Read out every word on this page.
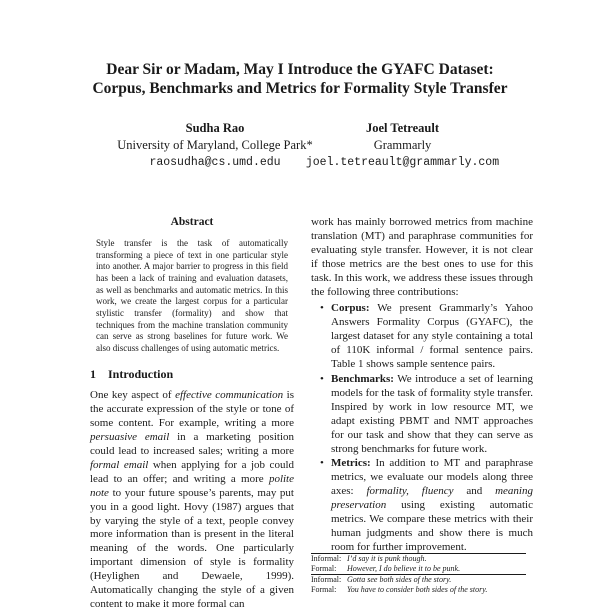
Dear Sir or Madam, May I Introduce the GYAFC Dataset:
Corpus, Benchmarks and Metrics for Formality Style Transfer
Sudha Rao
University of Maryland, College Park*
raosudha@cs.umd.edu
Joel Tetreault
Grammarly
joel.tetreault@grammarly.com
Abstract
Style transfer is the task of automatically transforming a piece of text in one particular style into another. A major barrier to progress in this field has been a lack of training and evaluation datasets, as well as benchmarks and automatic metrics. In this work, we create the largest corpus for a particular stylistic transfer (formality) and show that techniques from the machine translation community can serve as strong baselines for future work. We also discuss challenges of using automatic metrics.
1 Introduction

One key aspect of effective communication is the accurate expression of the style or tone of some content. For example, writing a more persuasive email in a marketing position could lead to increased sales; writing a more formal email when applying for a job could lead to an offer; and writing a more polite note to your future spouse’s parents, may put you in a good light. Hovy (1987) argues that by varying the style of a text, people convey more information than is present in the literal meaning of the words. One particularly important dimension of style is formality (Heylighen and Dewaele, 1999). Automatically changing the style of a given content to make it more formal can

work has mainly borrowed metrics from machine translation (MT) and paraphrase communities for evaluating style transfer. However, it is not clear if those metrics are the best ones to use for this task. In this work, we address these issues through the following three contributions:

• Corpus: We present Grammarly’s Yahoo Answers Formality Corpus (GYAFC), the largest dataset for any style containing a total of 110K informal / formal sentence pairs. Table 1 shows sample sentence pairs.
• Benchmarks: We introduce a set of learning models for the task of formality style transfer. Inspired by work in low resource MT, we adapt existing PBMT and NMT approaches for our task and show that they can serve as strong benchmarks for future work.
• Metrics: In addition to MT and paraphrase metrics, we evaluate our models along three axes: formality, fluency and meaning preservation using existing automatic metrics. We compare these metrics with their human judgments and show there is much room for further improvement.
Informal: I’d say it is punk though.
Formal:	However, I do believe it to be punk.
Informal: Gotta see both sides of the story.
Formal:	You have to consider both sides of the story.
